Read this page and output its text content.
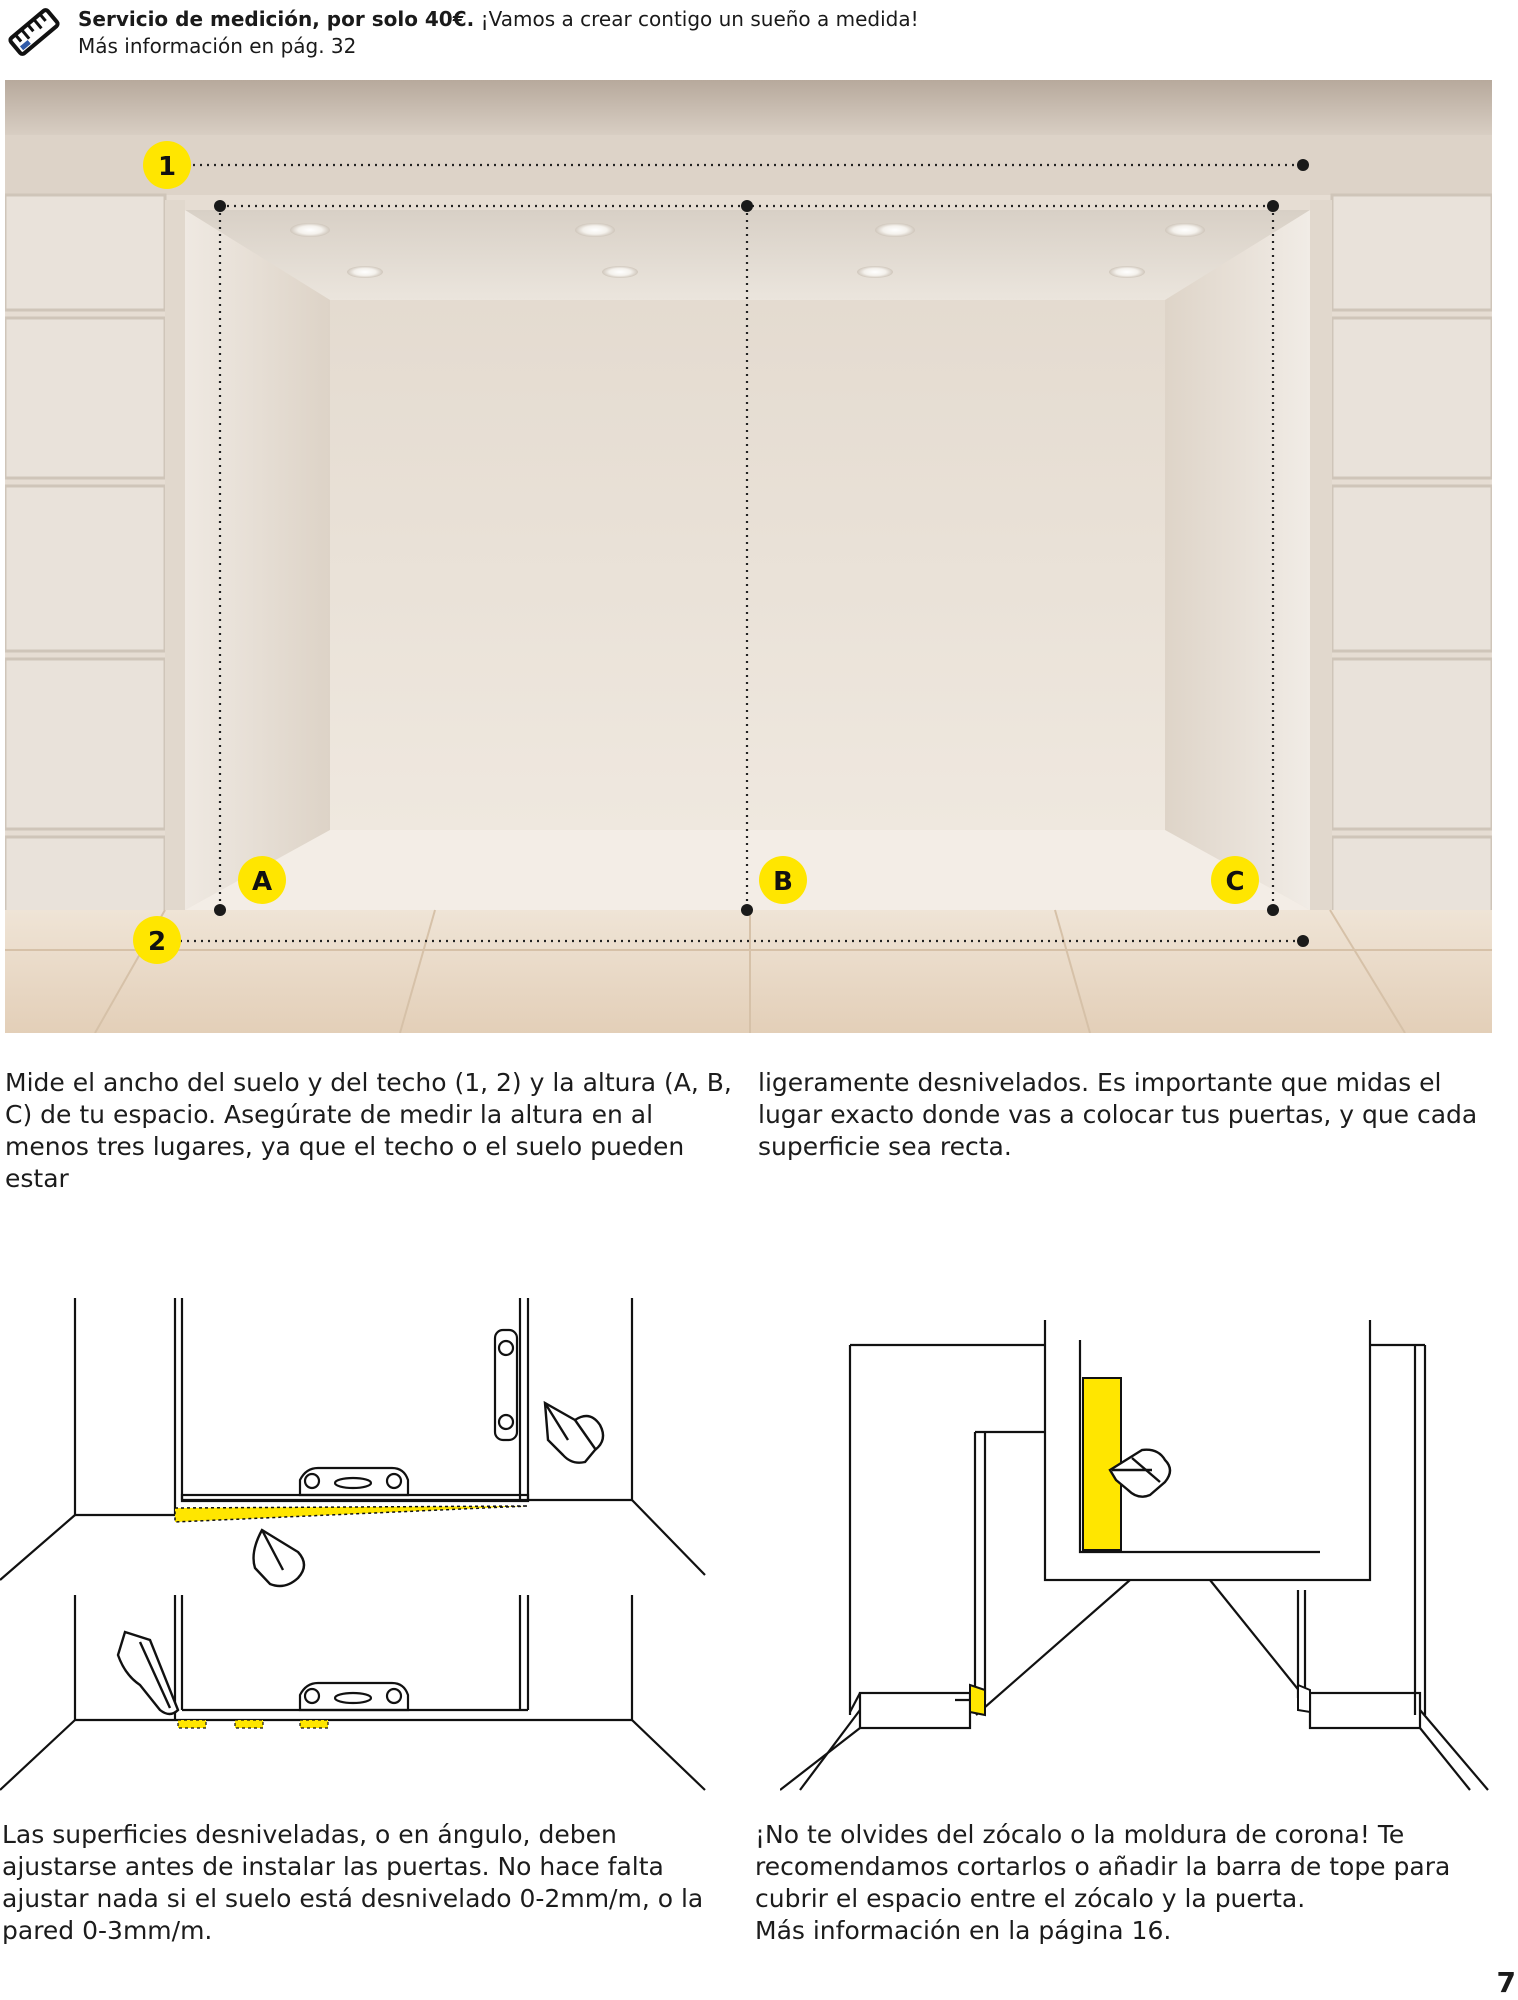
Servicio de medición, por solo 40€. ¡Vamos a crear contigo un sueño a medida!
Más información en pág. 32
1
2
A	B	C
Mide el ancho del suelo y del techo (1, 2) y la altura (A, B, C) de tu espacio. Asegúrate de medir la altura en al menos tres lugares, ya que el techo o el suelo pueden estar
ligeramente desnivelados. Es importante que midas el lugar exacto donde vas a colocar tus puertas, y que cada superficie sea recta.
Las superficies desniveladas, o en ángulo, deben ajustarse antes de instalar las puertas. No hace falta ajustar nada si el suelo está desnivelado 0-2mm/m, o la pared 0-3mm/m.
¡No te olvides del zócalo o la moldura de corona! Te recomendamos cortarlos o añadir la barra de tope para cubrir el espacio entre el zócalo y la puerta.
Más información en la página 16.
7
